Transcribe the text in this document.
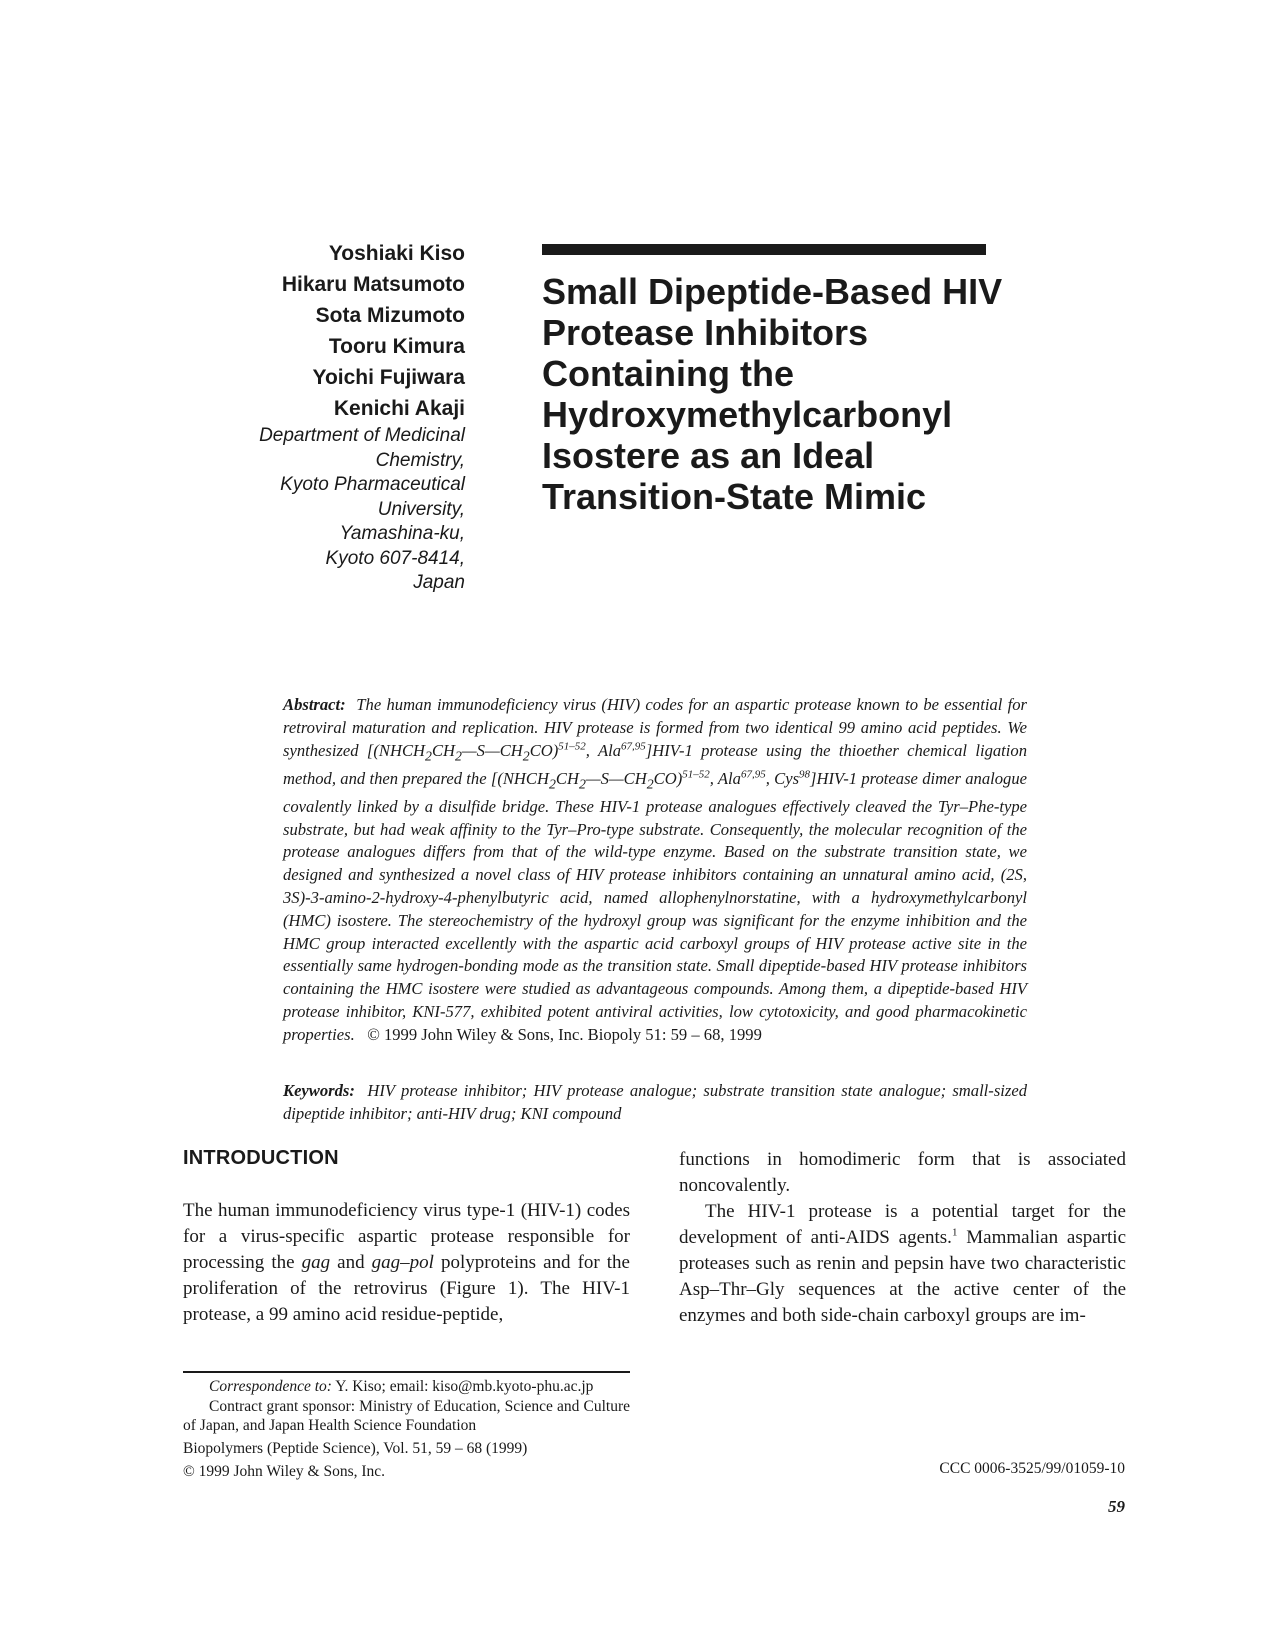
Yoshiaki Kiso
Hikaru Matsumoto
Sota Mizumoto
Tooru Kimura
Yoichi Fujiwara
Kenichi Akaji
Department of Medicinal
Chemistry,
Kyoto Pharmaceutical
University,
Yamashina-ku,
Kyoto 607-8414,
Japan
Small Dipeptide-Based HIV
Protease Inhibitors
Containing the
Hydroxymethylcarbonyl
Isostere as an Ideal
Transition-State Mimic
Abstract: The human immunodeficiency virus (HIV) codes for an aspartic protease known to be essential for retroviral maturation and replication. HIV protease is formed from two identical 99 amino acid peptides. We synthesized [$(NHCH_2CH_2—S—CH_2CO)^{51-52}$, Ala$^{67,95}$]HIV-1 protease using the thioether chemical ligation method, and then prepared the [$(NHCH_2CH_2—S—CH_2CO)^{51-52}$, Ala$^{67,95}$, Cys$^{98}$]HIV-1 protease dimer analogue covalently linked by a disulfide bridge. These HIV-1 protease analogues effectively cleaved the Tyr–Phe-type substrate, but had weak affinity to the Tyr–Pro-type substrate. Consequently, the molecular recognition of the protease analogues differs from that of the wild-type enzyme. Based on the substrate transition state, we designed and synthesized a novel class of HIV protease inhibitors containing an unnatural amino acid, (2S, 3S)-3-amino-2-hydroxy-4-phenylbutyric acid, named allophenylnorstatine, with a hydroxymethylcarbonyl (HMC) isostere. The stereochemistry of the hydroxyl group was significant for the enzyme inhibition and the HMC group interacted excellently with the aspartic acid carboxyl groups of HIV protease active site in the essentially same hydrogen-bonding mode as the transition state. Small dipeptide-based HIV protease inhibitors containing the HMC isostere were studied as advantageous compounds. Among them, a dipeptide-based HIV protease inhibitor, KNI-577, exhibited potent antiviral activities, low cytotoxicity, and good pharmacokinetic properties. © 1999 John Wiley & Sons, Inc. Biopoly 51: 59 – 68, 1999
Keywords: HIV protease inhibitor; HIV protease analogue; substrate transition state analogue; small-sized dipeptide inhibitor; anti-HIV drug; KNI compound
INTRODUCTION

The human immunodeficiency virus type-1 (HIV-1) codes for a virus-specific aspartic protease responsible for processing the gag and gag–pol polyproteins and for the proliferation of the retrovirus (Figure 1). The HIV-1 protease, a 99 amino acid residue-peptide,

functions in homodimeric form that is associated noncovalently.
The HIV-1 protease is a potential target for the development of anti-AIDS agents.$^1$ Mammalian aspartic proteases such as renin and pepsin have two characteristic Asp–Thr–Gly sequences at the active center of the enzymes and both side-chain carboxyl groups are im-

Correspondence to: Y. Kiso; email: kiso@mb.kyoto-phu.ac.jp
Contract grant sponsor: Ministry of Education, Science and Culture of Japan, and Japan Health Science Foundation
Biopolymers (Peptide Science), Vol. 51, 59 – 68 (1999)
© 1999 John Wiley & Sons, Inc.	CCC 0006-3525/99/01059-10
59
